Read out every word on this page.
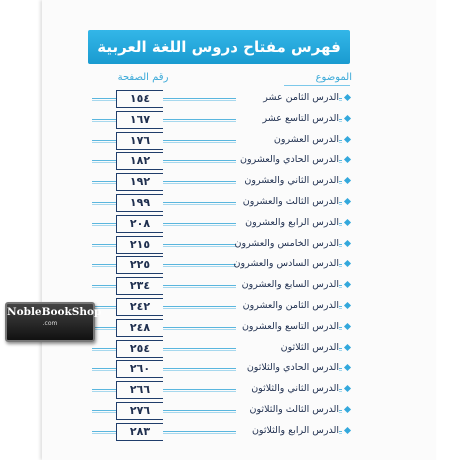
فهرس مفتاح دروس اللغة العربية
الموضوع
رقم الصفحة
١٥٤	الدرس الثامن عشر
١٦٧	الدرس التاسع عشر
١٧٦	الدرس العشرون
١٨٢	الدرس الحادي والعشرون
١٩٢	الدرس الثاني والعشرون
١٩٩	الدرس الثالث والعشرون
٢٠٨	الدرس الرابع والعشرون
٢١٥	الدرس الخامس والعشرون
٢٢٥	الدرس السادس والعشرون
٢٣٤	الدرس السابع والعشرون
٢٤٢	الدرس الثامن والعشرون
٢٤٨	الدرس التاسع والعشرون
٢٥٤	الدرس الثلاثون
٢٦٠	الدرس الحادي والثلاثون
٢٦٦	الدرس الثاني والثلاثون
٢٧٦	الدرس الثالث والثلاثون
٢٨٣	الدرس الرابع والثلاثون
NobleBookShop
.com
